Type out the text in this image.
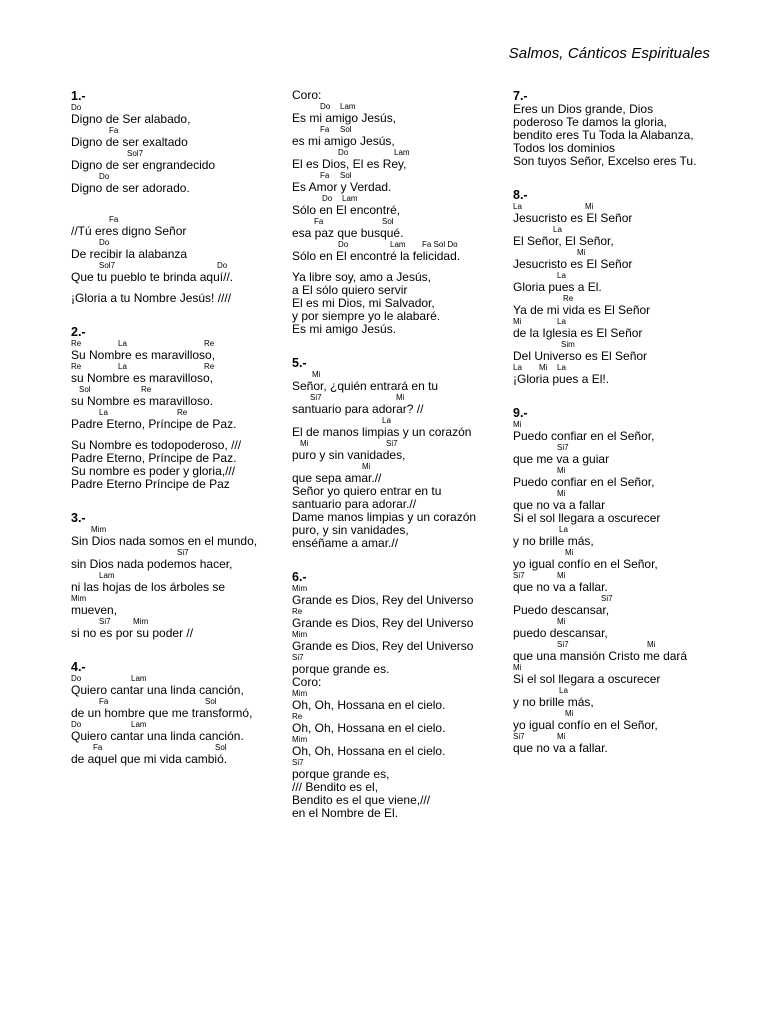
Salmos, Cánticos Espirituales
1.-
Do
Digno de Ser alabado,
Fa
Digno de ser exaltado
Sol7
Digno de ser engrandecido
Do
Digno de ser adorado.
Fa
//Tú eres digno Señor
Do
De recibir la alabanza
Sol7	Do
Que tu pueblo te brinda aquí//.
¡Gloria a tu Nombre Jesús! ////
2.-
Re	La	Re
Su Nombre es maravilloso,
Re	La	Re
su Nombre es maravilloso,
Sol	Re
su Nombre es maravilloso.
La	Re
Padre Eterno, Príncipe de Paz.
Su Nombre es todopoderoso, ///
Padre Eterno, Príncipe de Paz.
Su nombre es poder y gloria,///
Padre Eterno Príncipe de Paz
3.-
Mim
Sin Dios nada somos en el mundo,
Si7
sin Dios nada podemos hacer,
Lam
ni las hojas de los árboles se
Mim
mueven,
Si7	Mim
si no es por su poder //
4.-
Do	Lam
Quiero cantar una linda canción,
Fa	Sol
de un hombre que me transformó,
Do	Lam
Quiero cantar una linda canción.
Fa	Sol
de aquel que mi vida cambió.
Coro:
Do Lam
Es mi amigo Jesús,
Fa Sol
es mi amigo Jesús,
Do	Lam
El es Dios, El es Rey,
Fa Sol
Es Amor y Verdad.
Do Lam
Sólo en El encontré,
Fa	Sol
esa paz que busqué.
Do	Lam Fa Sol Do
Sólo en El encontré la felicidad.
Ya libre soy, amo a Jesús,
a El sólo quiero servir
El es mi Dios, mi Salvador,
y por siempre yo le alabaré.
Es mi amigo Jesús.
5.-
Mi
Señor, ¿quién entrará en tu
Si7	Mi
santuario para adorar? //
La
El de manos limpias y un corazón
Mi	Si7
puro y sin vanidades,
Mi
que sepa amar.//
Señor yo quiero entrar en tu
santuario para adorar.//
Dame manos limpias y un corazón
puro, y sin vanidades,
enséñame a amar.//
6.-
Mim
Grande es Dios, Rey del Universo
Re
Grande es Dios, Rey del Universo
Mim
Grande es Dios, Rey del Universo
Si7
porque grande es.
Coro:
Mim
Oh, Oh, Hossana en el cielo.
Re
Oh, Oh, Hossana en el cielo.
Mim
Oh, Oh, Hossana en el cielo.
Si7
porque grande es,
/// Bendito es el,
Bendito es el que viene,///
en el Nombre de El.
7.-
Eres un Dios grande, Dios
poderoso Te damos la gloria,
bendito eres Tu Toda la Alabanza,
Todos los dominios
Son tuyos Señor, Excelso eres Tu.
8.-
La	Mi
Jesucristo es El Señor
La
El Señor, El Señor,
Mi
Jesucristo es El Señor
La
Gloria pues a El.
Re
Ya de mi vida es El Señor
Mi	La
de la Iglesia es El Señor
Sim
Del Universo es El Señor
La Mi La
¡Gloria pues a El!.
9.-
Mi
Puedo confiar en el Señor,
Si7
que me va a guiar
Mi
Puedo confiar en el Señor,
Mi
que no va a fallar
Si el sol llegara a oscurecer
La
y no brille más,
Mi
yo igual confío en el Señor,
Si7	Mi
que no va a fallar.
Si7
Puedo descansar,
Mi
puedo descansar,
Si7	Mi
que una mansión Cristo me dará
Mi
Si el sol llegara a oscurecer
La
y no brille más,
Mi
yo igual confío en el Señor,
Si7	Mi
que no va a fallar.
